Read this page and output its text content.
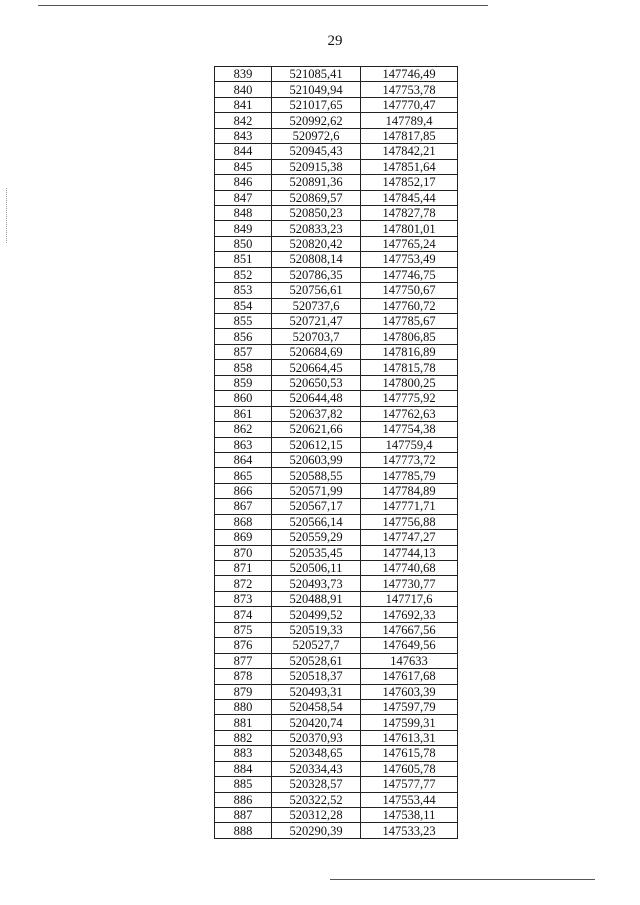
29
839	521085,41	147746,49
840	521049,94	147753,78
841	521017,65	147770,47
842	520992,62	147789,4
843	520972,6	147817,85
844	520945,43	147842,21
845	520915,38	147851,64
846	520891,36	147852,17
847	520869,57	147845,44
848	520850,23	147827,78
849	520833,23	147801,01
850	520820,42	147765,24
851	520808,14	147753,49
852	520786,35	147746,75
853	520756,61	147750,67
854	520737,6	147760,72
855	520721,47	147785,67
856	520703,7	147806,85
857	520684,69	147816,89
858	520664,45	147815,78
859	520650,53	147800,25
860	520644,48	147775,92
861	520637,82	147762,63
862	520621,66	147754,38
863	520612,15	147759,4
864	520603,99	147773,72
865	520588,55	147785,79
866	520571,99	147784,89
867	520567,17	147771,71
868	520566,14	147756,88
869	520559,29	147747,27
870	520535,45	147744,13
871	520506,11	147740,68
872	520493,73	147730,77
873	520488,91	147717,6
874	520499,52	147692,33
875	520519,33	147667,56
876	520527,7	147649,56
877	520528,61	147633
878	520518,37	147617,68
879	520493,31	147603,39
880	520458,54	147597,79
881	520420,74	147599,31
882	520370,93	147613,31
883	520348,65	147615,78
884	520334,43	147605,78
885	520328,57	147577,77
886	520322,52	147553,44
887	520312,28	147538,11
888	520290,39	147533,23
